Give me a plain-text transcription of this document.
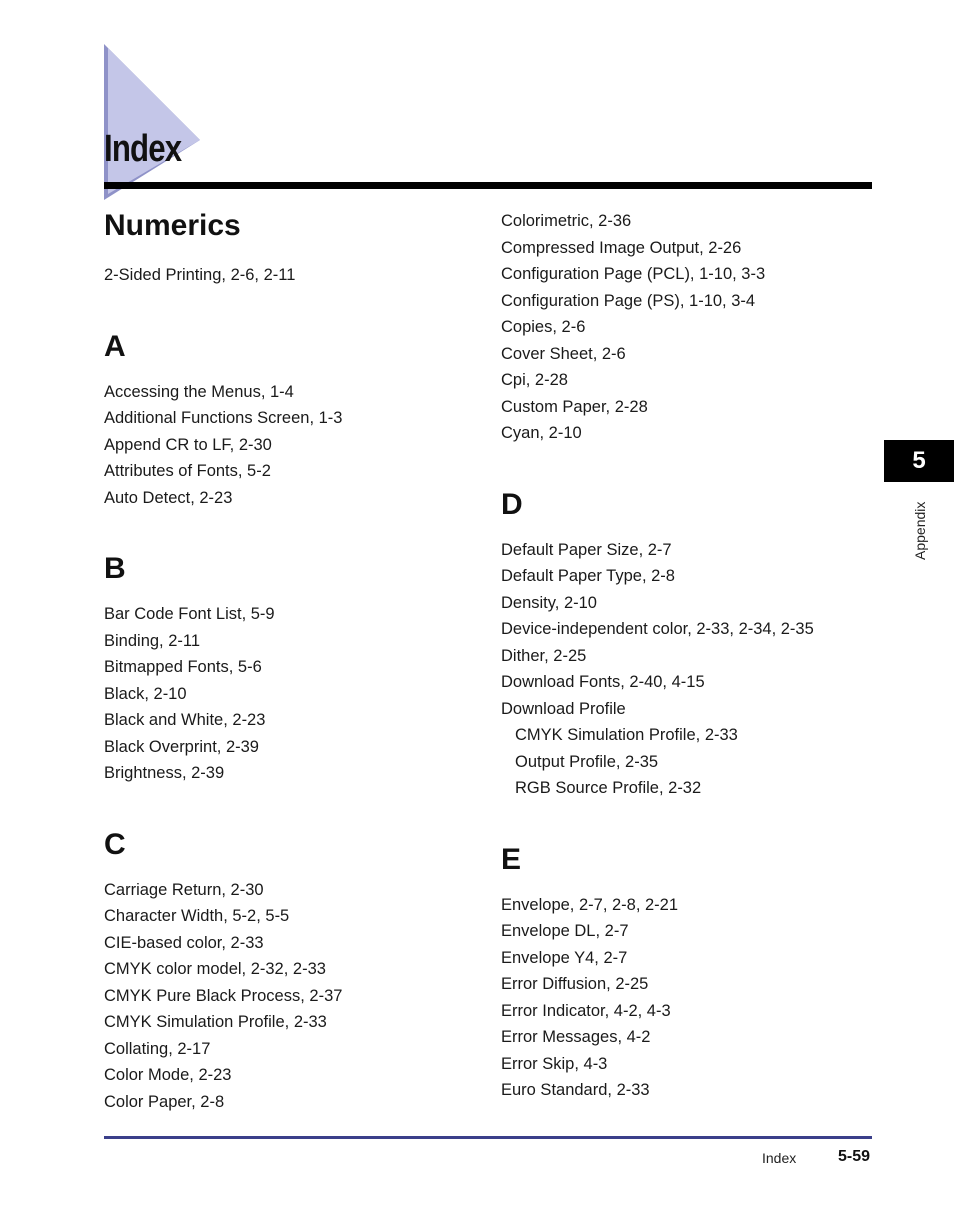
Index
Numerics
2-Sided Printing, 2-6, 2-11
A
Accessing the Menus, 1-4
Additional Functions Screen, 1-3
Append CR to LF, 2-30
Attributes of Fonts, 5-2
Auto Detect, 2-23
B
Bar Code Font List, 5-9
Binding, 2-11
Bitmapped Fonts, 5-6
Black, 2-10
Black and White, 2-23
Black Overprint, 2-39
Brightness, 2-39
C
Carriage Return, 2-30
Character Width, 5-2, 5-5
CIE-based color, 2-33
CMYK color model, 2-32, 2-33
CMYK Pure Black Process, 2-37
CMYK Simulation Profile, 2-33
Collating, 2-17
Color Mode, 2-23
Color Paper, 2-8
Colorimetric, 2-36
Compressed Image Output, 2-26
Configuration Page (PCL), 1-10, 3-3
Configuration Page (PS), 1-10, 3-4
Copies, 2-6
Cover Sheet, 2-6
Cpi, 2-28
Custom Paper, 2-28
Cyan, 2-10
D
Default Paper Size, 2-7
Default Paper Type, 2-8
Density, 2-10
Device-independent color, 2-33, 2-34, 2-35
Dither, 2-25
Download Fonts, 2-40, 4-15
Download Profile
CMYK Simulation Profile, 2-33
Output Profile, 2-35
RGB Source Profile, 2-32
E
Envelope, 2-7, 2-8, 2-21
Envelope DL, 2-7
Envelope Y4, 2-7
Error Diffusion, 2-25
Error Indicator, 4-2, 4-3
Error Messages, 4-2
Error Skip, 4-3
Euro Standard, 2-33
5
Appendix
Index	5-59
